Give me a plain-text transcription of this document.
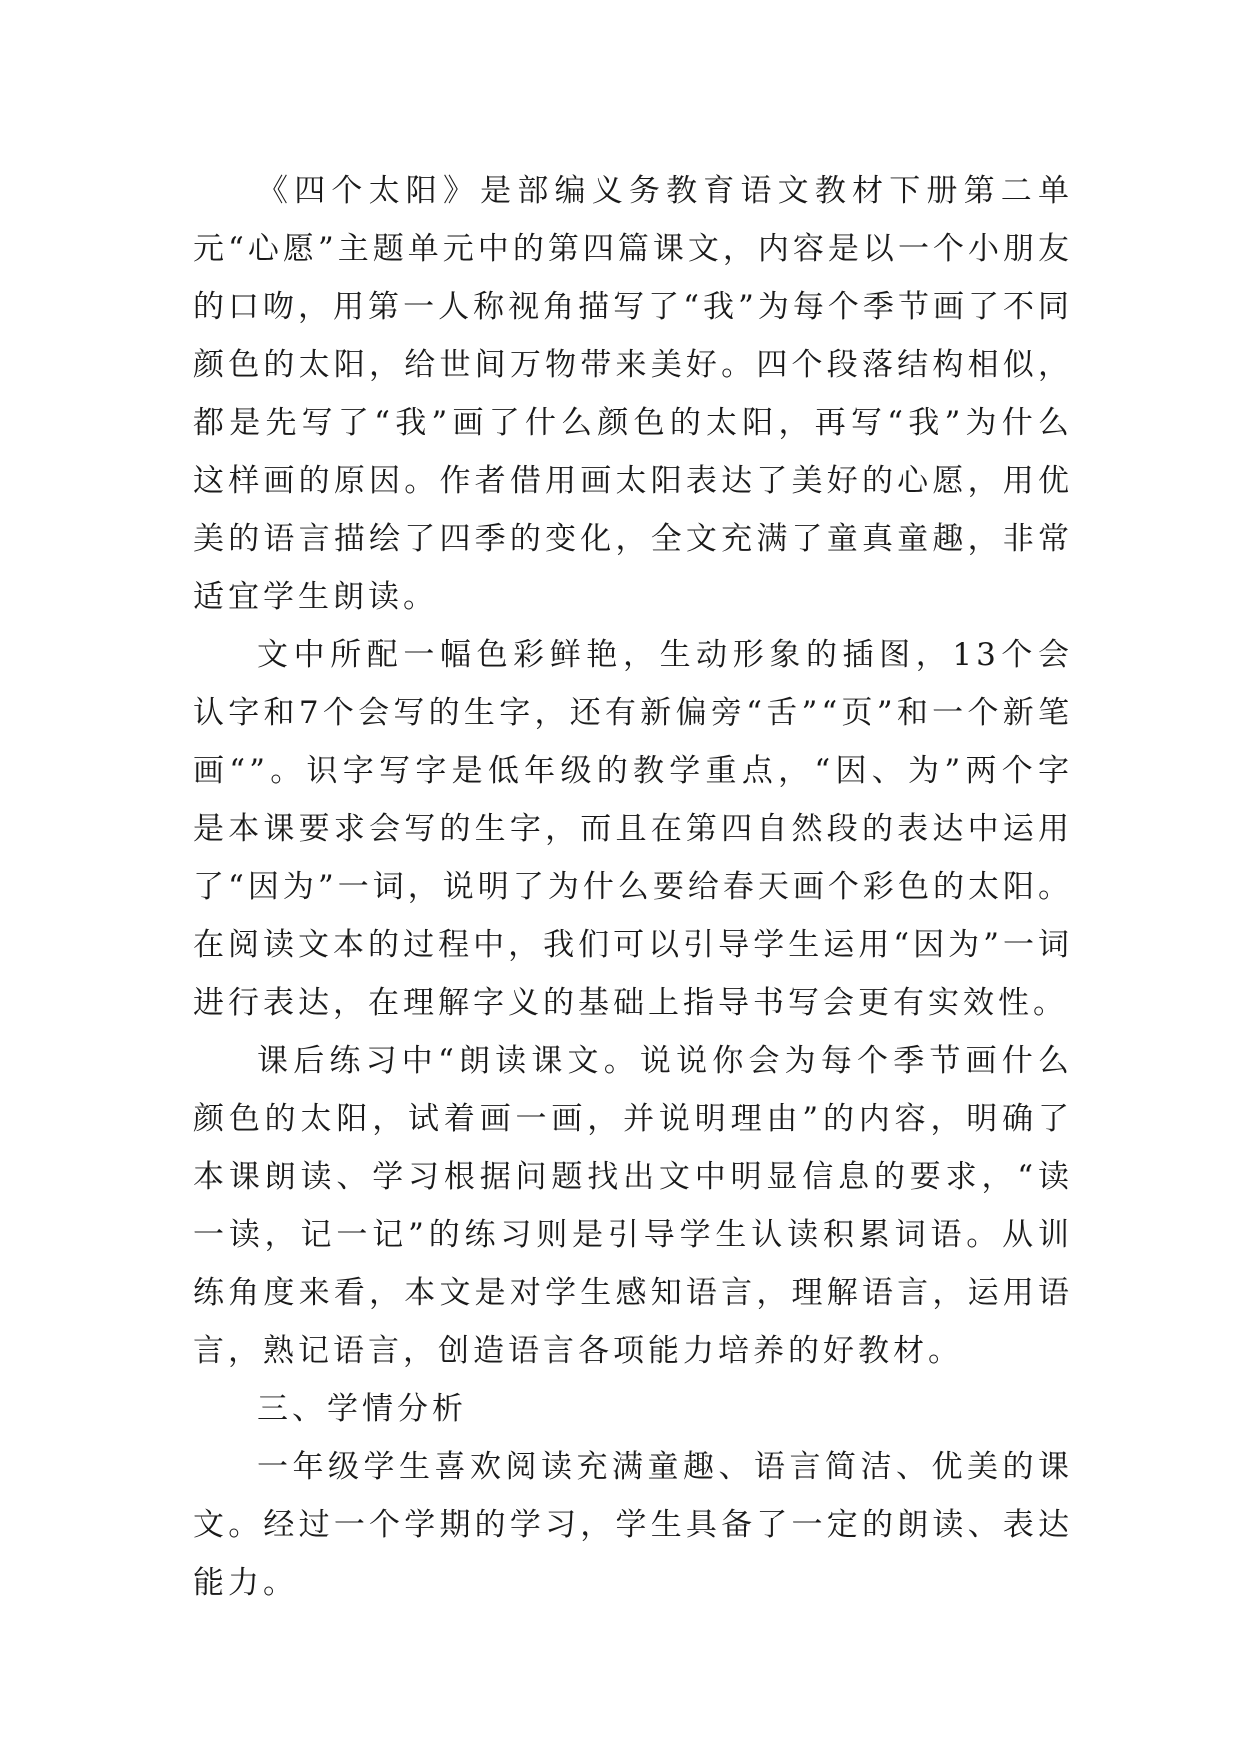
《四个太阳》是部编义务教育语文教材下册第二单元“心愿”主题单元中的第四篇课文，内容是以一个小朋友的口吻，用第一人称视角描写了“我”为每个季节画了不同颜色的太阳，给世间万物带来美好。四个段落结构相似，都是先写了“我”画了什么颜色的太阳，再写“我”为什么这样画的原因。作者借用画太阳表达了美好的心愿，用优美的语言描绘了四季的变化，全文充满了童真童趣，非常适宜学生朗读。

文中所配一幅色彩鲜艳，生动形象的插图，13个会认字和7个会写的生字，还有新偏旁“舌”“页”和一个新笔画“”。识字写字是低年级的教学重点，“因、为”两个字是本课要求会写的生字，而且在第四自然段的表达中运用了“因为”一词，说明了为什么要给春天画个彩色的太阳。在阅读文本的过程中，我们可以引导学生运用“因为”一词进行表达，在理解字义的基础上指导书写会更有实效性。

课后练习中“朗读课文。说说你会为每个季节画什么颜色的太阳，试着画一画，并说明理由”的内容，明确了本课朗读、学习根据问题找出文中明显信息的要求，“读一读，记一记”的练习则是引导学生认读积累词语。从训练角度来看，本文是对学生感知语言，理解语言，运用语言，熟记语言，创造语言各项能力培养的好教材。

三、学情分析

一年级学生喜欢阅读充满童趣、语言简洁、优美的课文。经过一个学期的学习，学生具备了一定的朗读、表达能力。
